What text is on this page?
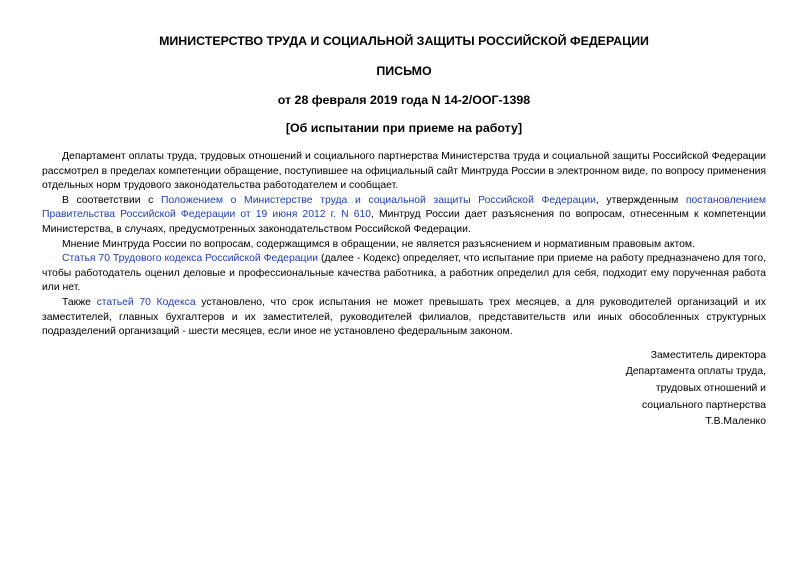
МИНИСТЕРСТВО ТРУДА И СОЦИАЛЬНОЙ ЗАЩИТЫ РОССИЙСКОЙ ФЕДЕРАЦИИ

ПИСЬМО

от 28 февраля 2019 года N 14-2/ООГ-1398

[Об испытании при приеме на работу]

Департамент оплаты труда, трудовых отношений и социального партнерства Министерства труда и социальной защиты Российской Федерации рассмотрел в пределах компетенции обращение, поступившее на официальный сайт Минтруда России в электронном виде, по вопросу применения отдельных норм трудового законодательства работодателем и сообщает.

В соответствии с Положением о Министерстве труда и социальной защиты Российской Федерации, утвержденным постановлением Правительства Российской Федерации от 19 июня 2012 г. N 610, Минтруд России дает разъяснения по вопросам, отнесенным к компетенции Министерства, в случаях, предусмотренных законодательством Российской Федерации.

Мнение Минтруда России по вопросам, содержащимся в обращении, не является разъяснением и нормативным правовым актом.

Статья 70 Трудового кодекса Российской Федерации (далее - Кодекс) определяет, что испытание при приеме на работу предназначено для того, чтобы работодатель оценил деловые и профессиональные качества работника, а работник определил для себя, подходит ему порученная работа или нет.

Также статьей 70 Кодекса установлено, что срок испытания не может превышать трех месяцев, а для руководителей организаций и их заместителей, главных бухгалтеров и их заместителей, руководителей филиалов, представительств или иных обособленных структурных подразделений организаций - шести месяцев, если иное не установлено федеральным законом.

Заместитель директора
Департамента оплаты труда,
трудовых отношений и
социального партнерства
Т.В.Маленко
